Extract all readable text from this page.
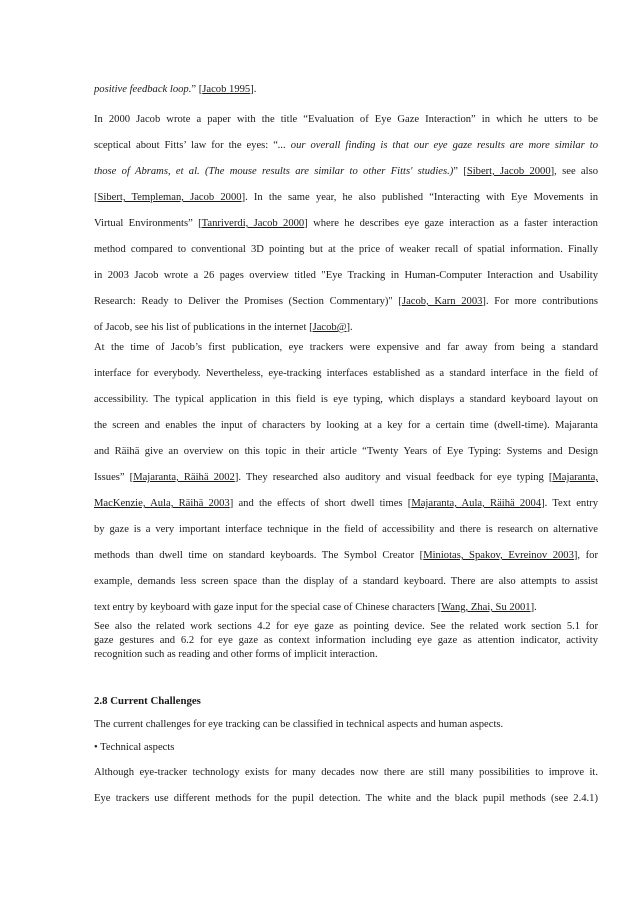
positive feedback loop.” [Jacob 1995].
In 2000 Jacob wrote a paper with the title “Evaluation of Eye Gaze Interaction” in which he utters to be
sceptical about Fitts’ law for the eyes: “... our overall finding is that our eye gaze results are more similar to
those of Abrams, et al. (The mouse results are similar to other Fitts' studies.)” [Sibert, Jacob 2000], see also
[Sibert, Templeman, Jacob 2000]. In the same year, he also published “Interacting with Eye Movements in
Virtual Environments” [Tanriverdi, Jacob 2000] where he describes eye gaze interaction as a faster interaction
method compared to conventional 3D pointing but at the price of weaker recall of spatial information. Finally
in 2003 Jacob wrote a 26 pages overview titled "Eye Tracking in Human-Computer Interaction and Usability
Research: Ready to Deliver the Promises (Section Commentary)" [Jacob, Karn 2003]. For more contributions
of Jacob, see his list of publications in the internet [Jacob@].
At the time of Jacob’s first publication, eye trackers were expensive and far away from being a standard
interface for everybody. Nevertheless, eye-tracking interfaces established as a standard interface in the field of
accessibility. The typical application in this field is eye typing, which displays a standard keyboard layout on
the screen and enables the input of characters by looking at a key for a certain time (dwell-time). Majaranta
and Räihä give an overview on this topic in their article “Twenty Years of Eye Typing: Systems and Design
Issues” [Majaranta, Räihä 2002]. They researched also auditory and visual feedback for eye typing [Majaranta,
MacKenzie, Aula, Räihä 2003] and the effects of short dwell times [Majaranta, Aula, Räihä 2004]. Text entry
by gaze is a very important interface technique in the field of accessibility and there is research on alternative
methods than dwell time on standard keyboards. The Symbol Creator [Miniotas, Spakov, Evreinov 2003], for
example, demands less screen space than the display of a standard keyboard. There are also attempts to assist
text entry by keyboard with gaze input for the special case of Chinese characters [Wang, Zhai, Su 2001].
See also the related work sections 4.2 for eye gaze as pointing device. See the related work section 5.1 for
gaze gestures and 6.2 for eye gaze as context information including eye gaze as attention indicator, activity
recognition such as reading and other forms of implicit interaction.
2.8 Current Challenges
The current challenges for eye tracking can be classified in technical aspects and human aspects.
• Technical aspects
Although eye-tracker technology exists for many decades now there are still many possibilities to improve it.
Eye trackers use different methods for the pupil detection. The white and the black pupil methods (see 2.4.1)
